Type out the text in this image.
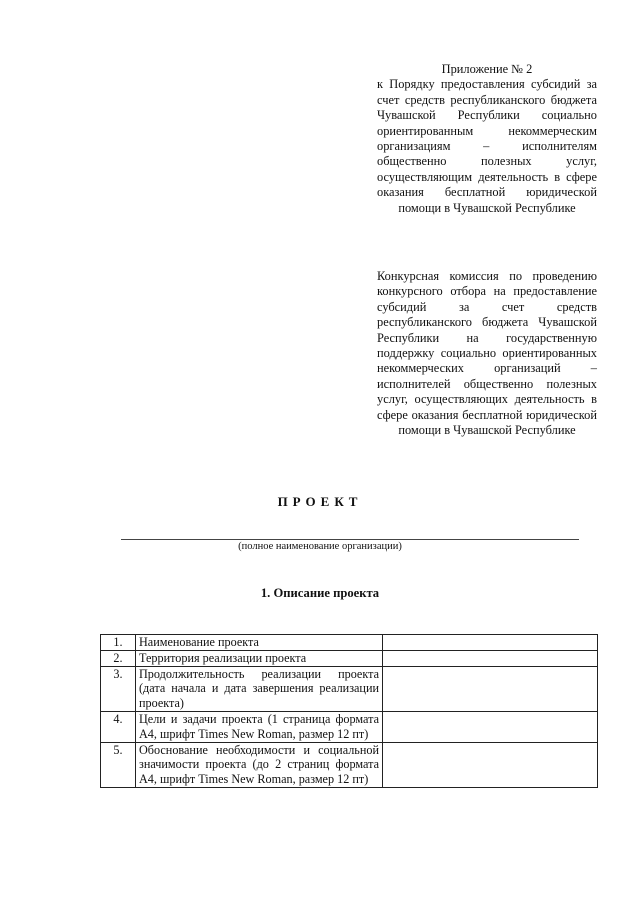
Приложение № 2
к Порядку предоставления субсидий за счет средств республиканского бюджета Чувашской Республики социально ориентированным некоммерческим организациям – исполнителям общественно полезных услуг, осуществляющим деятельность в сфере оказания бесплатной юридической помощи в Чувашской Республике
Конкурсная комиссия по проведению конкурсного отбора на предоставление субсидий за счет средств республиканского бюджета Чувашской Республики на государственную поддержку социально ориентированных некоммерческих организаций – исполнителей общественно полезных услуг, осуществляющих деятельность в сфере оказания бесплатной юридической помощи в Чувашской Республике
ПРОЕКТ
(полное наименование организации)
1. Описание проекта
1.	Наименование проекта	
2.	Территория реализации проекта	
3.	Продолжительность реализации проекта (дата начала и дата завершения реализации проекта)	
4.	Цели и задачи проекта (1 страница формата А4, шрифт Times New Roman, размер 12 пт)	
5.	Обоснование необходимости и социальной значимости проекта (до 2 страниц формата А4, шрифт Times New Roman, размер 12 пт)	
